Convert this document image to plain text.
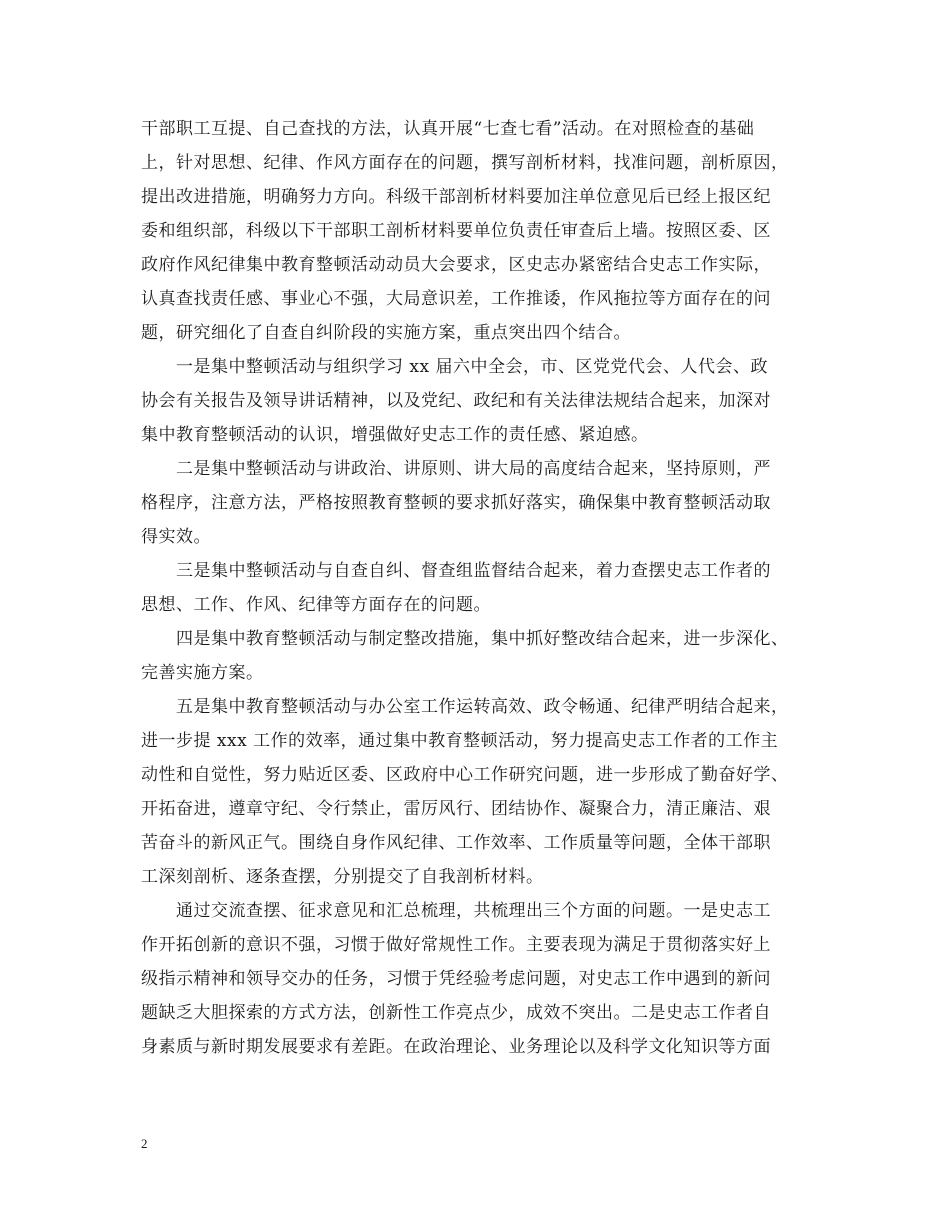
干部职工互提、自己查找的方法，认真开展“七查七看”活动。在对照检查的基础
上，针对思想、纪律、作风方面存在的问题，撰写剖析材料，找准问题，剖析原因，
提出改进措施，明确努力方向。科级干部剖析材料要加注单位意见后已经上报区纪
委和组织部，科级以下干部职工剖析材料要单位负责任审查后上墙。按照区委、区
政府作风纪律集中教育整顿活动动员大会要求，区史志办紧密结合史志工作实际，
认真查找责任感、事业心不强，大局意识差，工作推诿，作风拖拉等方面存在的问
题，研究细化了自查自纠阶段的实施方案，重点突出四个结合。
一是集中整顿活动与组织学习 xx 届六中全会，市、区党党代会、人代会、政
协会有关报告及领导讲话精神，以及党纪、政纪和有关法律法规结合起来，加深对
集中教育整顿活动的认识，增强做好史志工作的责任感、紧迫感。
二是集中整顿活动与讲政治、讲原则、讲大局的高度结合起来，坚持原则，严
格程序，注意方法，严格按照教育整顿的要求抓好落实，确保集中教育整顿活动取
得实效。
三是集中整顿活动与自查自纠、督查组监督结合起来，着力查摆史志工作者的
思想、工作、作风、纪律等方面存在的问题。
四是集中教育整顿活动与制定整改措施，集中抓好整改结合起来，进一步深化、
完善实施方案。
五是集中教育整顿活动与办公室工作运转高效、政令畅通、纪律严明结合起来，
进一步提 xxx 工作的效率，通过集中教育整顿活动，努力提高史志工作者的工作主
动性和自觉性，努力贴近区委、区政府中心工作研究问题，进一步形成了勤奋好学、
开拓奋进，遵章守纪、令行禁止，雷厉风行、团结协作、凝聚合力，清正廉洁、艰
苦奋斗的新风正气。围绕自身作风纪律、工作效率、工作质量等问题，全体干部职
工深刻剖析、逐条查摆，分别提交了自我剖析材料。
通过交流查摆、征求意见和汇总梳理，共梳理出三个方面的问题。一是史志工
作开拓创新的意识不强，习惯于做好常规性工作。主要表现为满足于贯彻落实好上
级指示精神和领导交办的任务，习惯于凭经验考虑问题，对史志工作中遇到的新问
题缺乏大胆探索的方式方法，创新性工作亮点少，成效不突出。二是史志工作者自
身素质与新时期发展要求有差距。在政治理论、业务理论以及科学文化知识等方面
2
